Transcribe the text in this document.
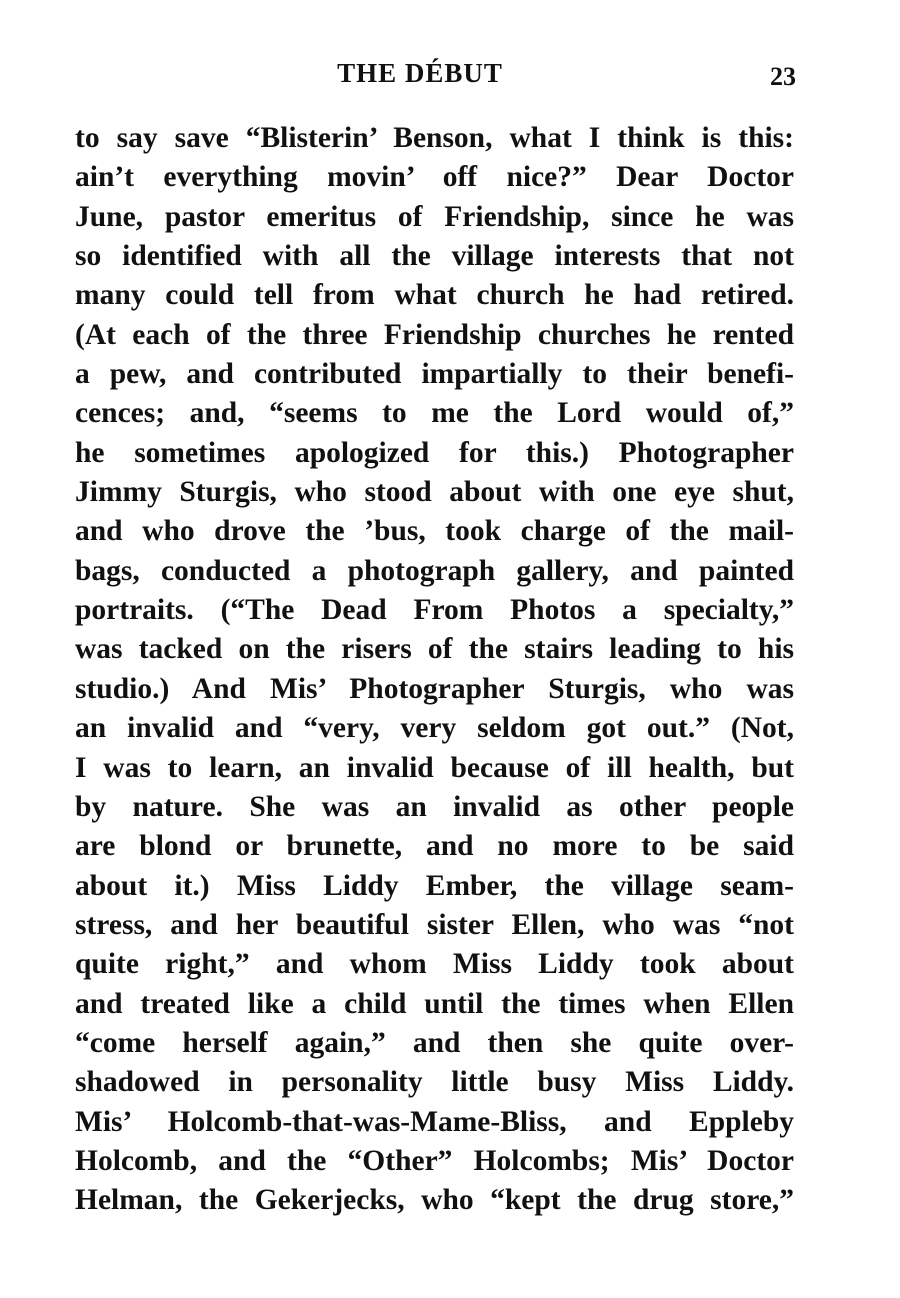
THE DÉBUT	23
to say save “Blisterin’ Benson, what I think is this:
ain’t everything movin’ off nice?” Dear Doctor
June, pastor emeritus of Friendship, since he was
so identified with all the village interests that not
many could tell from what church he had retired.
(At each of the three Friendship churches he rented
a pew, and contributed impartially to their benefi-
cences; and, “seems to me the Lord would of,”
he sometimes apologized for this.) Photographer
Jimmy Sturgis, who stood about with one eye shut,
and who drove the ’bus, took charge of the mail-
bags, conducted a photograph gallery, and painted
portraits. (“The Dead From Photos a specialty,”
was tacked on the risers of the stairs leading to his
studio.) And Mis’ Photographer Sturgis, who was
an invalid and “very, very seldom got out.” (Not,
I was to learn, an invalid because of ill health, but
by nature. She was an invalid as other people
are blond or brunette, and no more to be said
about it.) Miss Liddy Ember, the village seam-
stress, and her beautiful sister Ellen, who was “not
quite right,” and whom Miss Liddy took about
and treated like a child until the times when Ellen
“come herself again,” and then she quite over-
shadowed in personality little busy Miss Liddy.
Mis’ Holcomb-that-was-Mame-Bliss, and Eppleby
Holcomb, and the “Other” Holcombs; Mis’ Doctor
Helman, the Gekerjecks, who “kept the drug store,”
